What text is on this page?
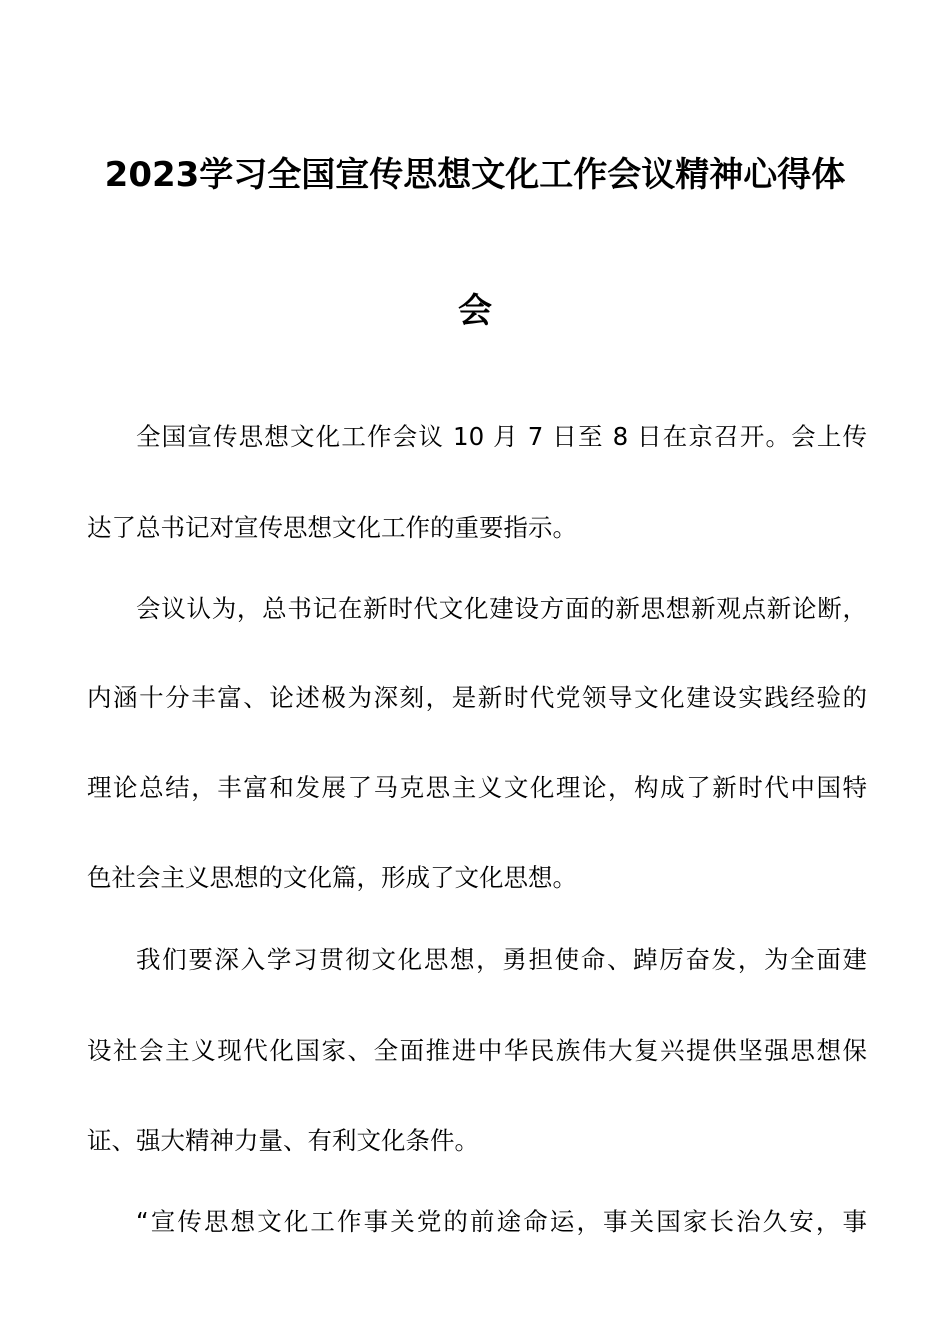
2023学习全国宣传思想文化工作会议精神心得体
会
全国宣传思想文化工作会议 10 月 7 日至 8 日在京召开。会上传
达了总书记对宣传思想文化工作的重要指示。
会议认为，总书记在新时代文化建设方面的新思想新观点新论断，
内涵十分丰富、论述极为深刻，是新时代党领导文化建设实践经验的
理论总结，丰富和发展了马克思主义文化理论，构成了新时代中国特
色社会主义思想的文化篇，形成了文化思想。
我们要深入学习贯彻文化思想，勇担使命、踔厉奋发，为全面建
设社会主义现代化国家、全面推进中华民族伟大复兴提供坚强思想保
证、强大精神力量、有利文化条件。
“宣传思想文化工作事关党的前途命运，事关国家长治久安，事
